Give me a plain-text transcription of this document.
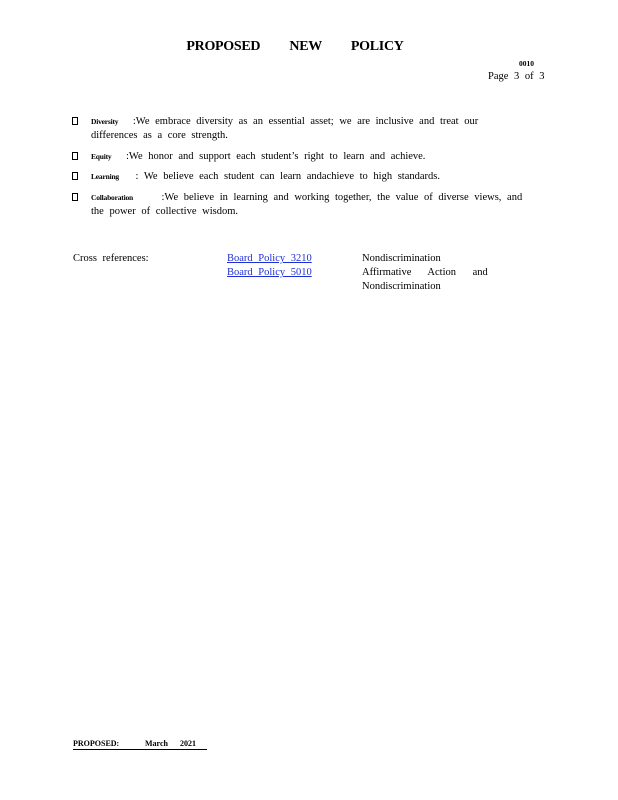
PROPOSED NEW POLICY
0010
Page 3 of 3
Diversity :We embrace diversity as an essential asset; we are inclusive and treat our
differences as a core strength.
Equity :We honor and support each student’s right to learn and achieve.
Learning : We believe each student can learn andachieve to high standards.
Collaboration	:We believe in learning and working together, the value of diverse views, and
the power of collective wisdom.
Cross references:	Board Policy 3210	Nondiscrimination
Board Policy 5010	Affirmative Action and
Nondiscrimination
PROPOSED:	March 2021
